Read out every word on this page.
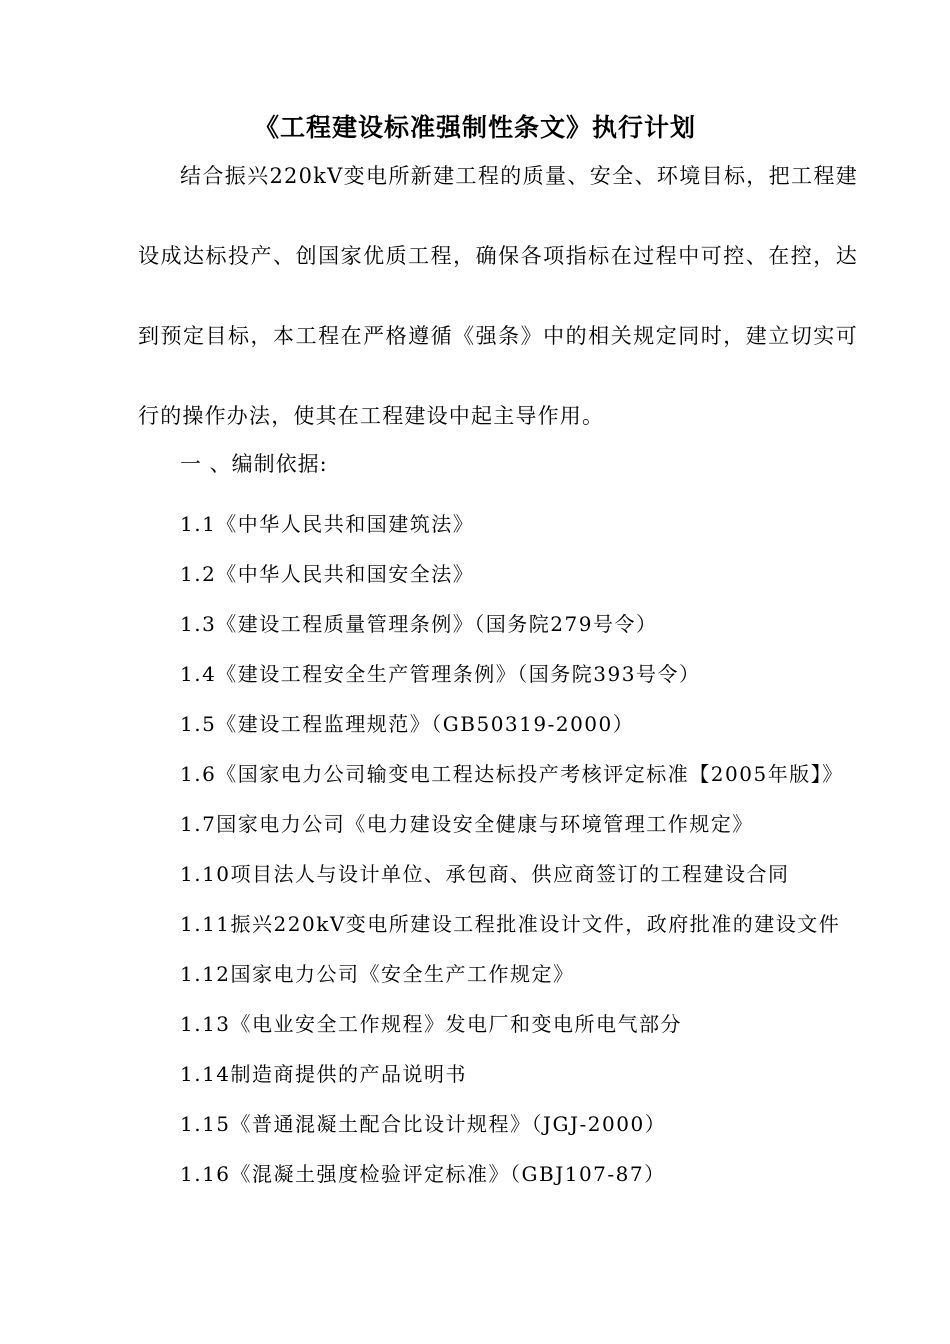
《工程建设标准强制性条文》执行计划
结合振兴220kV变电所新建工程的质量、安全、环境目标，把工程建设成达标投产、创国家优质工程，确保各项指标在过程中可控、在控，达到预定目标，本工程在严格遵循《强条》中的相关规定同时，建立切实可行的操作办法，使其在工程建设中起主导作用。
一 、编制依据:
1.1《中华人民共和国建筑法》
1.2《中华人民共和国安全法》
1.3《建设工程质量管理条例》（国务院279号令）
1.4《建设工程安全生产管理条例》（国务院393号令）
1.5《建设工程监理规范》（GB50319-2000）
1.6《国家电力公司输变电工程达标投产考核评定标准【2005年版】》
1.7国家电力公司《电力建设安全健康与环境管理工作规定》
1.10项目法人与设计单位、承包商、供应商签订的工程建设合同
1.11振兴220kV变电所建设工程批准设计文件，政府批准的建设文件
1.12国家电力公司《安全生产工作规定》
1.13《电业安全工作规程》发电厂和变电所电气部分
1.14制造商提供的产品说明书
1.15《普通混凝土配合比设计规程》（JGJ-2000）
1.16《混凝土强度检验评定标准》（GBJ107-87）
